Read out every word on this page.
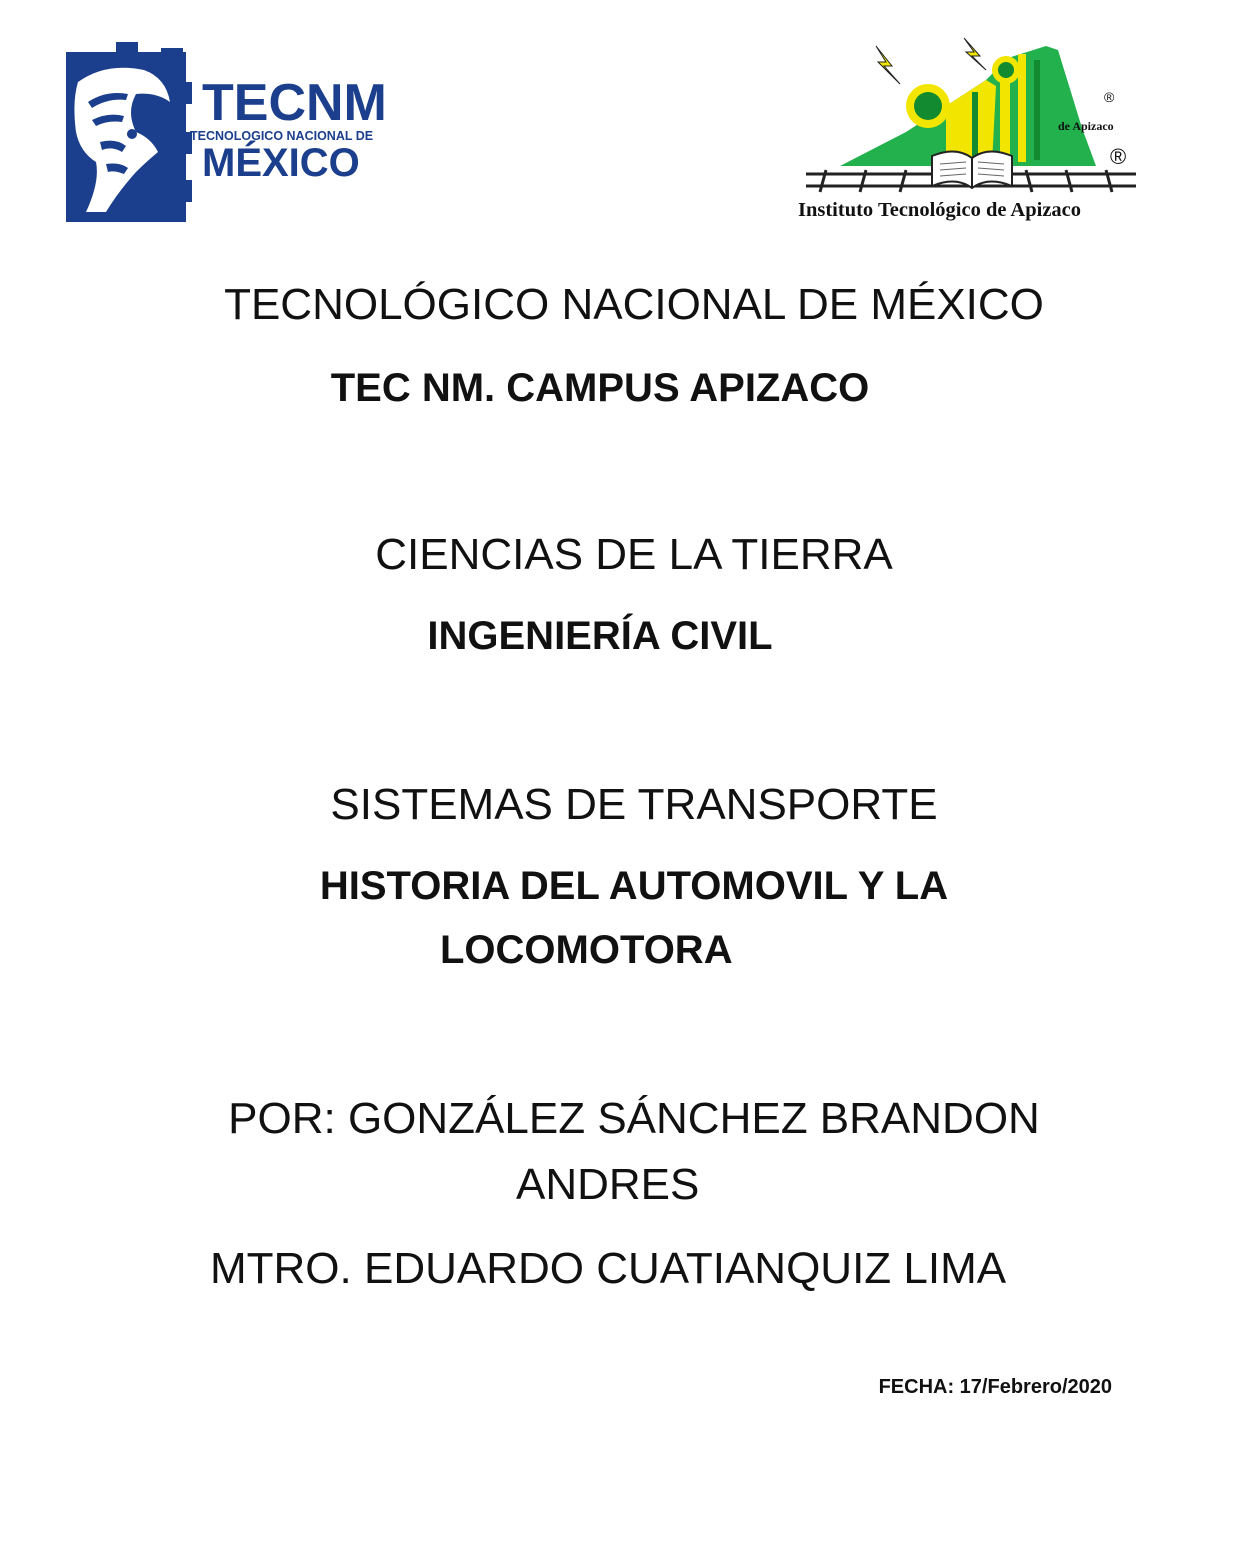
TECNM
TECNOLOGICO NACIONAL DE
MÉXICO
de Apizaco
®
®
Instituto Tecnológico de Apizaco
TECNOLÓGICO NACIONAL DE MÉXICO
TEC NM. CAMPUS APIZACO
CIENCIAS DE LA TIERRA
INGENIERÍA CIVIL
SISTEMAS DE TRANSPORTE
HISTORIA DEL AUTOMOVIL Y LA
LOCOMOTORA
POR: GONZÁLEZ SÁNCHEZ BRANDON
ANDRES
MTRO. EDUARDO CUATIANQUIZ LIMA
FECHA: 17/Febrero/2020
